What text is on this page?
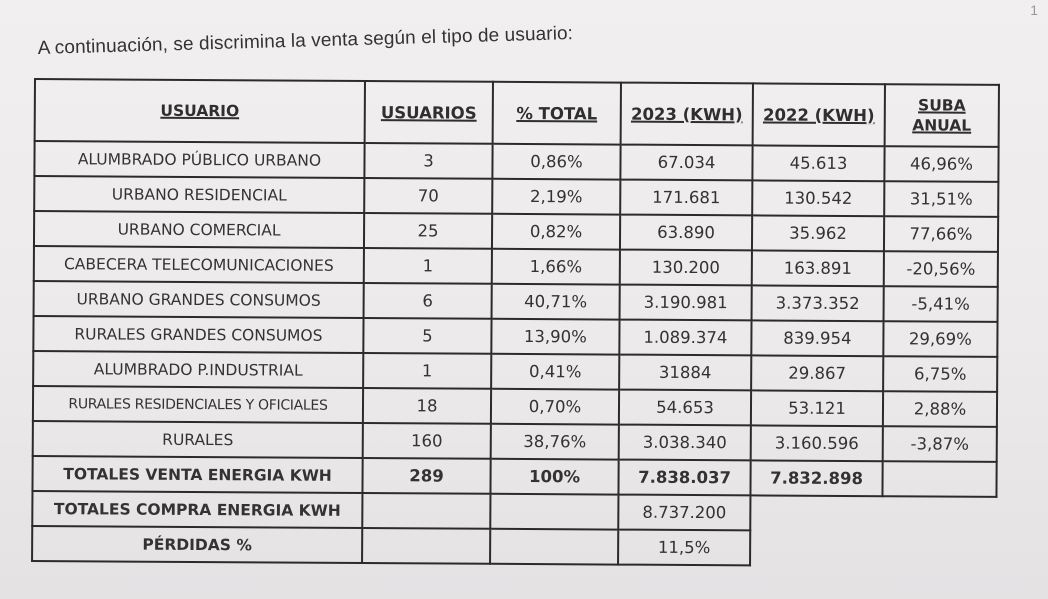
1
A continuación, se discrimina la venta según el tipo de usuario:
USUARIO	USUARIOS	% TOTAL	2023 (KWH)	2022 (KWH)	SUBA
ANUAL
ALUMBRADO PÚBLICO URBANO	3	0,86%	67.034	45.613	46,96%
URBANO RESIDENCIAL	70	2,19%	171.681	130.542	31,51%
URBANO COMERCIAL	25	0,82%	63.890	35.962	77,66%
CABECERA TELECOMUNICACIONES	1	1,66%	130.200	163.891	-20,56%
URBANO GRANDES CONSUMOS	6	40,71%	3.190.981	3.373.352	-5,41%
RURALES GRANDES CONSUMOS	5	13,90%	1.089.374	839.954	29,69%
ALUMBRADO P.INDUSTRIAL	1	0,41%	31884	29.867	6,75%
RURALES RESIDENCIALES Y OFICIALES	18	0,70%	54.653	53.121	2,88%
RURALES	160	38,76%	3.038.340	3.160.596	-3,87%
TOTALES VENTA ENERGIA KWH	289	100%	7.838.037	7.832.898	
TOTALES COMPRA ENERGIA KWH			8.737.200		
PÉRDIDAS %			11,5%		
